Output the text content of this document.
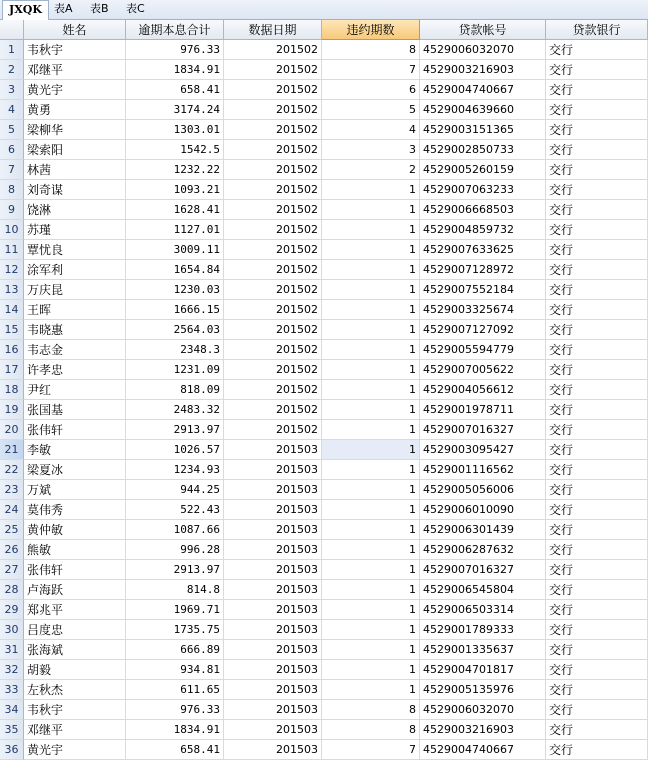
JXQK	表A	表B	表C
姓名	逾期本息合计	数据日期	违约期数	贷款帐号	贷款银行
1	韦秋宇	976.33	201502	8 4529006032070	交行
2	邓继平	1834.91	201502	7 4529003216903	交行
3	黄光宇	658.41	201502	6 4529004740667	交行
4	黄勇	3174.24	201502	5 4529004639660	交行
5	梁柳华	1303.01	201502	4 4529003151365	交行
6	梁索阳	1542.5	201502	3 4529002850733	交行
7	林茜	1232.22	201502	2 4529005260159	交行
8	刘奇谋	1093.21	201502	1 4529007063233	交行
9	饶淋	1628.41	201502	1 4529006668503	交行
10 苏瑾	1127.01	201502	1 4529004859732	交行
11 覃忧良	3009.11	201502	1 4529007633625	交行
12 涂军利	1654.84	201502	1 4529007128972	交行
13 万庆昆	1230.03	201502	1 4529007552184	交行
14 王晖	1666.15	201502	1 4529003325674	交行
15 韦晓惠	2564.03	201502	1 4529007127092	交行
16 韦志金	2348.3	201502	1 4529005594779	交行
17 许孝忠	1231.09	201502	1 4529007005622	交行
18 尹红	818.09	201502	1 4529004056612	交行
19 张国基	2483.32	201502	1 4529001978711	交行
20 张伟轩	2913.97	201502	1 4529007016327	交行
21 李敏	1026.57	201503	1 4529003095427	交行
22 梁夏冰	1234.93	201503	1 4529001116562	交行
23 万斌	944.25	201503	1 4529005056006	交行
24 莫伟秀	522.43	201503	1 4529006010090	交行
25 黄仲敏	1087.66	201503	1 4529006301439	交行
26 熊敏	996.28	201503	1 4529006287632	交行
27 张伟轩	2913.97	201503	1 4529007016327	交行
28 卢海跃	814.8	201503	1 4529006545804	交行
29 郑兆平	1969.71	201503	1 4529006503314	交行
30 吕度忠	1735.75	201503	1 4529001789333	交行
31 张海斌	666.89	201503	1 4529001335637	交行
32 胡毅	934.81	201503	1 4529004701817	交行
33 左秋杰	611.65	201503	1 4529005135976	交行
34 韦秋宇	976.33	201503	8 4529006032070	交行
35 邓继平	1834.91	201503	8 4529003216903	交行
36 黄光宇	658.41	201503	7 4529004740667	交行
